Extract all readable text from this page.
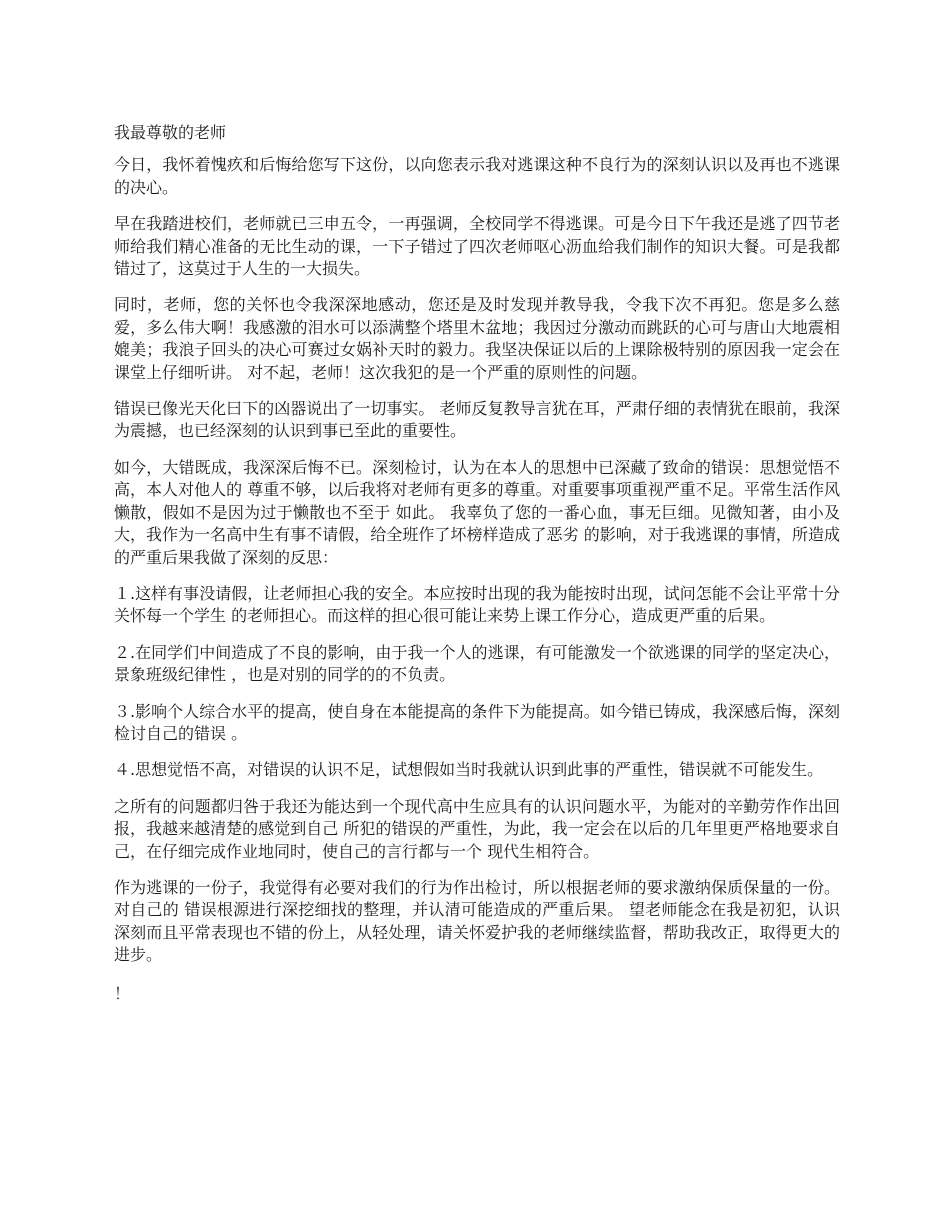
我最尊敬的老师

今日，我怀着愧疚和后悔给您写下这份，以向您表示我对逃课这种不良行为的深刻认识以及再也不逃课的决心。

早在我踏进校们，老师就已三申五令，一再强调，全校同学不得逃课。可是今日下午我还是逃了四节老师给我们精心准备的无比生动的课，一下子错过了四次老师呕心沥血给我们制作的知识大餐。可是我都错过了，这莫过于人生的一大损失。

同时，老师，您的关怀也令我深深地感动，您还是及时发现并教导我，令我下次不再犯。您是多么慈爱，多么伟大啊！我感激的泪水可以添满整个塔里木盆地；我因过分激动而跳跃的心可与唐山大地震相媲美；我浪子回头的决心可赛过女娲补天时的毅力。我坚决保证以后的上课除极特别的原因我一定会在课堂上仔细听讲。 对不起，老师！这次我犯的是一个严重的原则性的问题。

错误已像光天化曰下的凶器说出了一切事实。 老师反复教导言犹在耳，严肃仔细的表情犹在眼前，我深为震撼，也已经深刻的认识到事已至此的重要性。

如今，大错既成，我深深后悔不已。深刻检讨，认为在本人的思想中已深藏了致命的错误：思想觉悟不高，本人对他人的 尊重不够，以后我将对老师有更多的尊重。对重要事项重视严重不足。平常生活作风懒散，假如不是因为过于懒散也不至于 如此。 我辜负了您的一番心血，事无巨细。见微知著，由小及大，我作为一名高中生有事不请假，给全班作了坏榜样造成了恶劣 的影响，对于我逃课的事情，所造成的严重后果我做了深刻的反思：

１.这样有事没请假，让老师担心我的安全。本应按时出现的我为能按时出现，试问怎能不会让平常十分关怀每一个学生 的老师担心。而这样的担心很可能让来势上课工作分心，造成更严重的后果。

２.在同学们中间造成了不良的影响，由于我一个人的逃课，有可能激发一个欲逃课的同学的坚定决心，景象班级纪律性 ，也是对别的同学的的不负责。

３.影响个人综合水平的提高，使自身在本能提高的条件下为能提高。如今错已铸成，我深感后悔，深刻检讨自己的错误 。

４.思想觉悟不高，对错误的认识不足，试想假如当时我就认识到此事的严重性，错误就不可能发生。

之所有的问题都归咎于我还为能达到一个现代高中生应具有的认识问题水平，为能对的辛勤劳作作出回报，我越来越清楚的感觉到自己 所犯的错误的严重性，为此，我一定会在以后的几年里更严格地要求自己，在仔细完成作业地同时，使自己的言行都与一个 现代生相符合。

作为逃课的一份子，我觉得有必要对我们的行为作出检讨，所以根据老师的要求激纳保质保量的一份。对自己的 错误根源进行深挖细找的整理，并认清可能造成的严重后果。 望老师能念在我是初犯，认识深刻而且平常表现也不错的份上，从轻处理，请关怀爱护我的老师继续监督，帮助我改正，取得更大的进步。

！
